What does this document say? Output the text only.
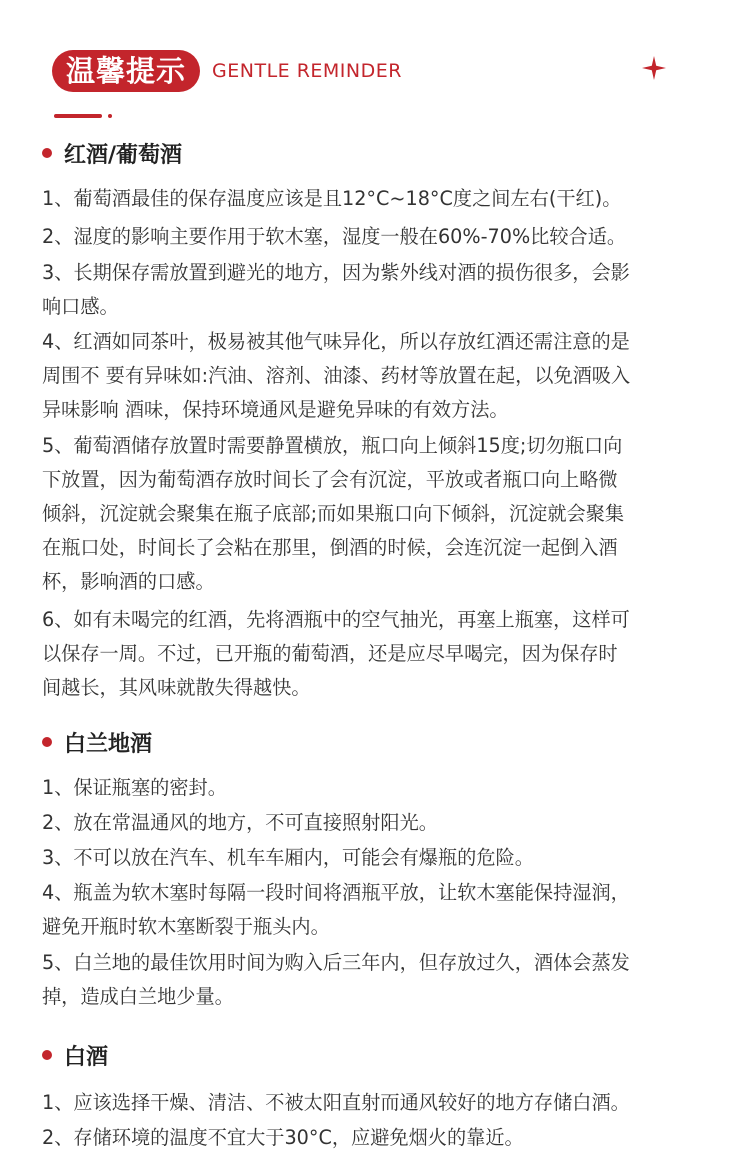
温馨提示	GENTLE REMINDER
红酒/葡萄酒
1、葡萄酒最佳的保存温度应该是且12°C~18°C度之间左右(干红)。
2、湿度的影响主要作用于软木塞，湿度一般在60%-70%比较合适。
3、长期保存需放置到避光的地方，因为紫外线对酒的损伤很多，会影
响口感。
4、红酒如同茶叶，极易被其他气味异化，所以存放红酒还需注意的是
周围不 要有异味如:汽油、溶剂、油漆、药材等放置在起，以免酒吸入
异味影响 酒味，保持环境通风是避免异味的有效方法。
5、葡萄酒储存放置时需要静置横放，瓶口向上倾斜15度;切勿瓶口向
下放置，因为葡萄酒存放时间长了会有沉淀，平放或者瓶口向上略微
倾斜，沉淀就会聚集在瓶子底部;而如果瓶口向下倾斜，沉淀就会聚集
在瓶口处，时间长了会粘在那里，倒酒的时候，会连沉淀一起倒入酒
杯，影响酒的口感。
6、如有未喝完的红酒，先将酒瓶中的空气抽光，再塞上瓶塞，这样可
以保存一周。不过，已开瓶的葡萄酒，还是应尽早喝完，因为保存时
间越长，其风味就散失得越快。
白兰地酒
1、保证瓶塞的密封。
2、放在常温通风的地方，不可直接照射阳光。
3、不可以放在汽车、机车车厢内，可能会有爆瓶的危险。
4、瓶盖为软木塞时每隔一段时间将酒瓶平放，让软木塞能保持湿润，
避免开瓶时软木塞断裂于瓶头内。
5、白兰地的最佳饮用时间为购入后三年内，但存放过久，酒体会蒸发
掉，造成白兰地少量。
白酒
1、应该选择干燥、清洁、不被太阳直射而通风较好的地方存储白酒。
2、存储环境的温度不宜大于30°C，应避免烟火的靠近。
